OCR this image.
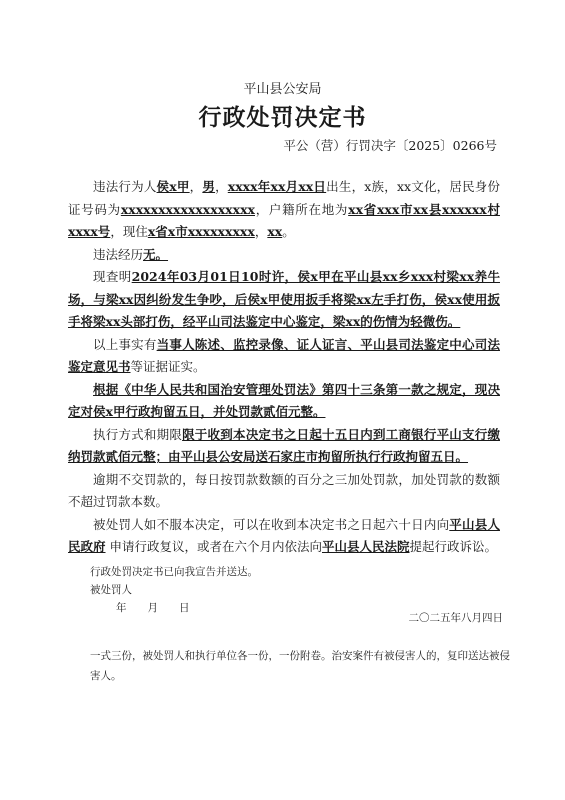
平山县公安局
行政处罚决定书
平公（营）行罚决字〔2025〕0266号

违法行为人侯x甲，男，xxxx年xx月xx日出生，x族，xx文化，居民身份证号码为xxxxxxxxxxxxxxxxxx，户籍所在地为xx省xxx市xx县xxxxxx村xxxx号，现住x省x市xxxxxxxxx，xx。

违法经历无。

现查明2024年03月01日10时许，侯x甲在平山县xx乡xxx村梁xx养牛场，与梁xx因纠纷发生争吵，后侯x甲使用扳手将梁xx左手打伤，侯xx使用扳手将梁xx头部打伤，经平山司法鉴定中心鉴定，梁xx的伤情为轻微伤。

以上事实有当事人陈述、监控录像、证人证言、平山县司法鉴定中心司法鉴定意见书等证据证实。

根据《中华人民共和国治安管理处罚法》第四十三条第一款之规定，现决定对侯x甲行政拘留五日，并处罚款贰佰元整。

执行方式和期限限于收到本决定书之日起十五日内到工商银行平山支行缴纳罚款贰佰元整；由平山县公安局送石家庄市拘留所执行行政拘留五日。

逾期不交罚款的，每日按罚款数额的百分之三加处罚款，加处罚款的数额不超过罚款本数。

被处罚人如不服本决定，可以在收到本决定书之日起六十日内向平山县人民政府 申请行政复议，或者在六个月内依法向平山县人民法院提起行政诉讼。

行政处罚决定书已向我宣告并送达。
被处罚人
年　　月　　日
二〇二五年八月四日
一式三份，被处罚人和执行单位各一份，一份附卷。治安案件有被侵害人的，复印送达被侵害人。
